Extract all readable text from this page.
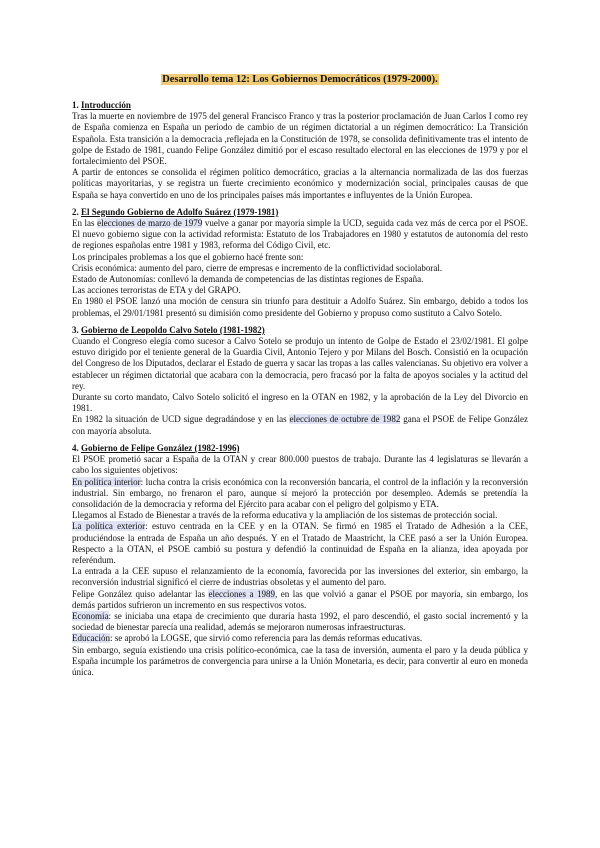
Desarrollo tema 12: Los Gobiernos Democráticos (1979-2000).
1. Introducción

Tras la muerte en noviembre de 1975 del general Francisco Franco y tras la posterior proclamación de Juan Carlos I como rey de España comienza en España un periodo de cambio de un régimen dictatorial a un régimen democrático: La Transición Española. Esta transición a la democracia ,reflejada en la Constitución de 1978, se consolida definitivamente tras el intento de golpe de Estado de 1981, cuando Felipe González dimitió por el escaso resultado electoral en las elecciones de 1979 y por el fortalecimiento del PSOE.

A partir de entonces se consolida el régimen político democrático, gracias a la alternancia normalizada de las dos fuerzas políticas mayoritarias, y se registra un fuerte crecimiento económico y modernización social, principales causas de que España se haya convertido en uno de los principales países más importantes e influyentes de la Unión Europea.

2. El Segundo Gobierno de Adolfo Suárez (1979-1981)

En las elecciones de marzo de 1979 vuelve a ganar por mayoría simple la UCD, seguida cada vez más de cerca por el PSOE. El nuevo gobierno sigue con la actividad reformista: Estatuto de los Trabajadores en 1980 y estatutos de autonomía del resto de regiones españolas entre 1981 y 1983, reforma del Código Civil, etc.

Los principales problemas a los que el gobierno hacé frente son:

Crisis económica: aumento del paro, cierre de empresas e incremento de la conflictividad sociolaboral.

Estado de Autonomías: conllevó la demanda de competencias de las distintas regiones de España.

Las acciones terroristas de ETA y del GRAPO.

En 1980 el PSOE lanzó una moción de censura sin triunfo para destituir a Adolfo Suárez. Sin embargo, debido a todos los problemas, el 29/01/1981 presentó su dimisión como presidente del Gobierno y propuso como sustituto a Calvo Sotelo.

3. Gobierno de Leopoldo Calvo Sotelo (1981-1982)

Cuando el Congreso elegía como sucesor a Calvo Sotelo se produjo un intento de Golpe de Estado el 23/02/1981. El golpe estuvo dirigido por el teniente general de la Guardia Civil, Antonio Tejero y por Milans del Bosch. Consistió en la ocupación del Congreso de los Diputados, declarar el Estado de guerra y sacar las tropas a las calles valencianas. Su objetivo era volver a establecer un régimen dictatorial que acabara con la democracia, pero fracasó por la falta de apoyos sociales y la actitud del rey.

Durante su corto mandato, Calvo Sotelo solicitó el ingreso en la OTAN en 1982, y la aprobación de la Ley del Divorcio en 1981.

En 1982 la situación de UCD sigue degradándose y en las elecciones de octubre de 1982 gana el PSOE de Felipe González con mayoría absoluta.

4. Gobierno de Felipe González (1982-1996)

El PSOE prometió sacar a España de la OTAN y crear 800.000 puestos de trabajo. Durante las 4 legislaturas se llevarán a cabo los siguientes objetivos:

En política interior: lucha contra la crisis económica con la reconversión bancaria, el control de la inflación y la reconversión industrial. Sin embargo, no frenaron el paro, aunque sí mejoró la protección por desempleo. Además se pretendía la consolidación de la democracia y reforma del Ejército para acabar con el peligro del golpismo y ETA.

Llegamos al Estado de Bienestar a través de la reforma educativa y la ampliación de los sistemas de protección social.

La política exterior: estuvo centrada en la CEE y en la OTAN. Se firmó en 1985 el Tratado de Adhesión a la CEE, produciéndose la entrada de España un año después. Y en el Tratado de Maastricht, la CEE pasó a ser la Unión Europea. Respecto a la OTAN, el PSOE cambió su postura y defendió la continuidad de España en la alianza, idea apoyada por referéndum.

La entrada a la CEE supuso el relanzamiento de la economía, favorecida por las inversiones del exterior, sin embargo, la reconversión industrial significó el cierre de industrias obsoletas y el aumento del paro.

Felipe González quiso adelantar las elecciones a 1989, en las que volvió a ganar el PSOE por mayoría, sin embargo, los demás partidos sufrieron un incremento en sus respectivos votos.

Economía: se iniciaba una etapa de crecimiento que duraría hasta 1992, el paro descendió, el gasto social incrementó y la sociedad de bienestar parecía una realidad, además se mejoraron numerosas infraestructuras.

Educación: se aprobó la LOGSE, que sirvió como referencia para las demás reformas educativas.

Sin embargo, seguía existiendo una crisis político-económica, cae la tasa de inversión, aumenta el paro y la deuda pública y España incumple los parámetros de convergencia para unirse a la Unión Monetaria, es decir, para convertir al euro en moneda única.
